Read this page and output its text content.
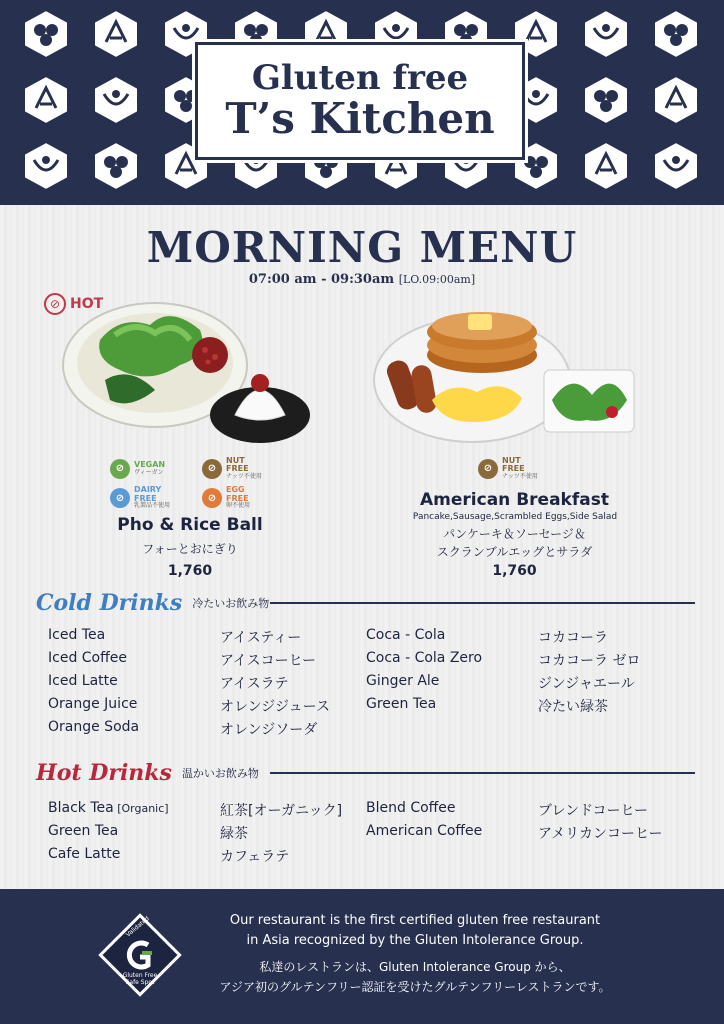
Gluten free
T’s Kitchen
MORNING MENU
07:00 am - 09:30am [LO.09:00am]
⊘ HOT
⊘	VEGAN
ヴィーガン	⊘
NUT
FREE
ナッツ不使用
⊘
DAIRY
FREE
乳製品不使用
⊘
EGG
FREE
卵不使用
Pho & Rice Ball
フォーとおにぎり
1,760
⊘
NUT
FREE
ナッツ不使用
American Breakfast
Pancake,Sausage,Scrambled Eggs,Side Salad
パンケーキ＆ソーセージ＆
スクランブルエッグとサラダ
1,760
Cold Drinks 冷たいお飲み物
Iced Tea
Iced Coffee
Iced Latte
Orange Juice
Orange Soda
アイスティー
アイスコーヒー
アイスラテ
オレンジジュース
オレンジソーダ
Coca - Cola
Coca - Cola Zero
Ginger Ale
Green Tea
コカコーラ
コカコーラ ゼロ
ジンジャエール
冷たい緑茶
Hot Drinks 温かいお飲み物
Black Tea [Organic]
Green Tea
Cafe Latte
紅茶[オーガニック]
緑茶
カフェラテ
Blend Coffee
American Coffee
ブレンドコーヒー
アメリカンコーヒー
Validated
Gluten Free
Safe Spot
Our restaurant is the first certified gluten free restaurant
in Asia recognized by the Gluten Intolerance Group.
私達のレストランは、Gluten Intolerance Group から、
アジア初のグルテンフリー認証を受けたグルテンフリーレストランです。
